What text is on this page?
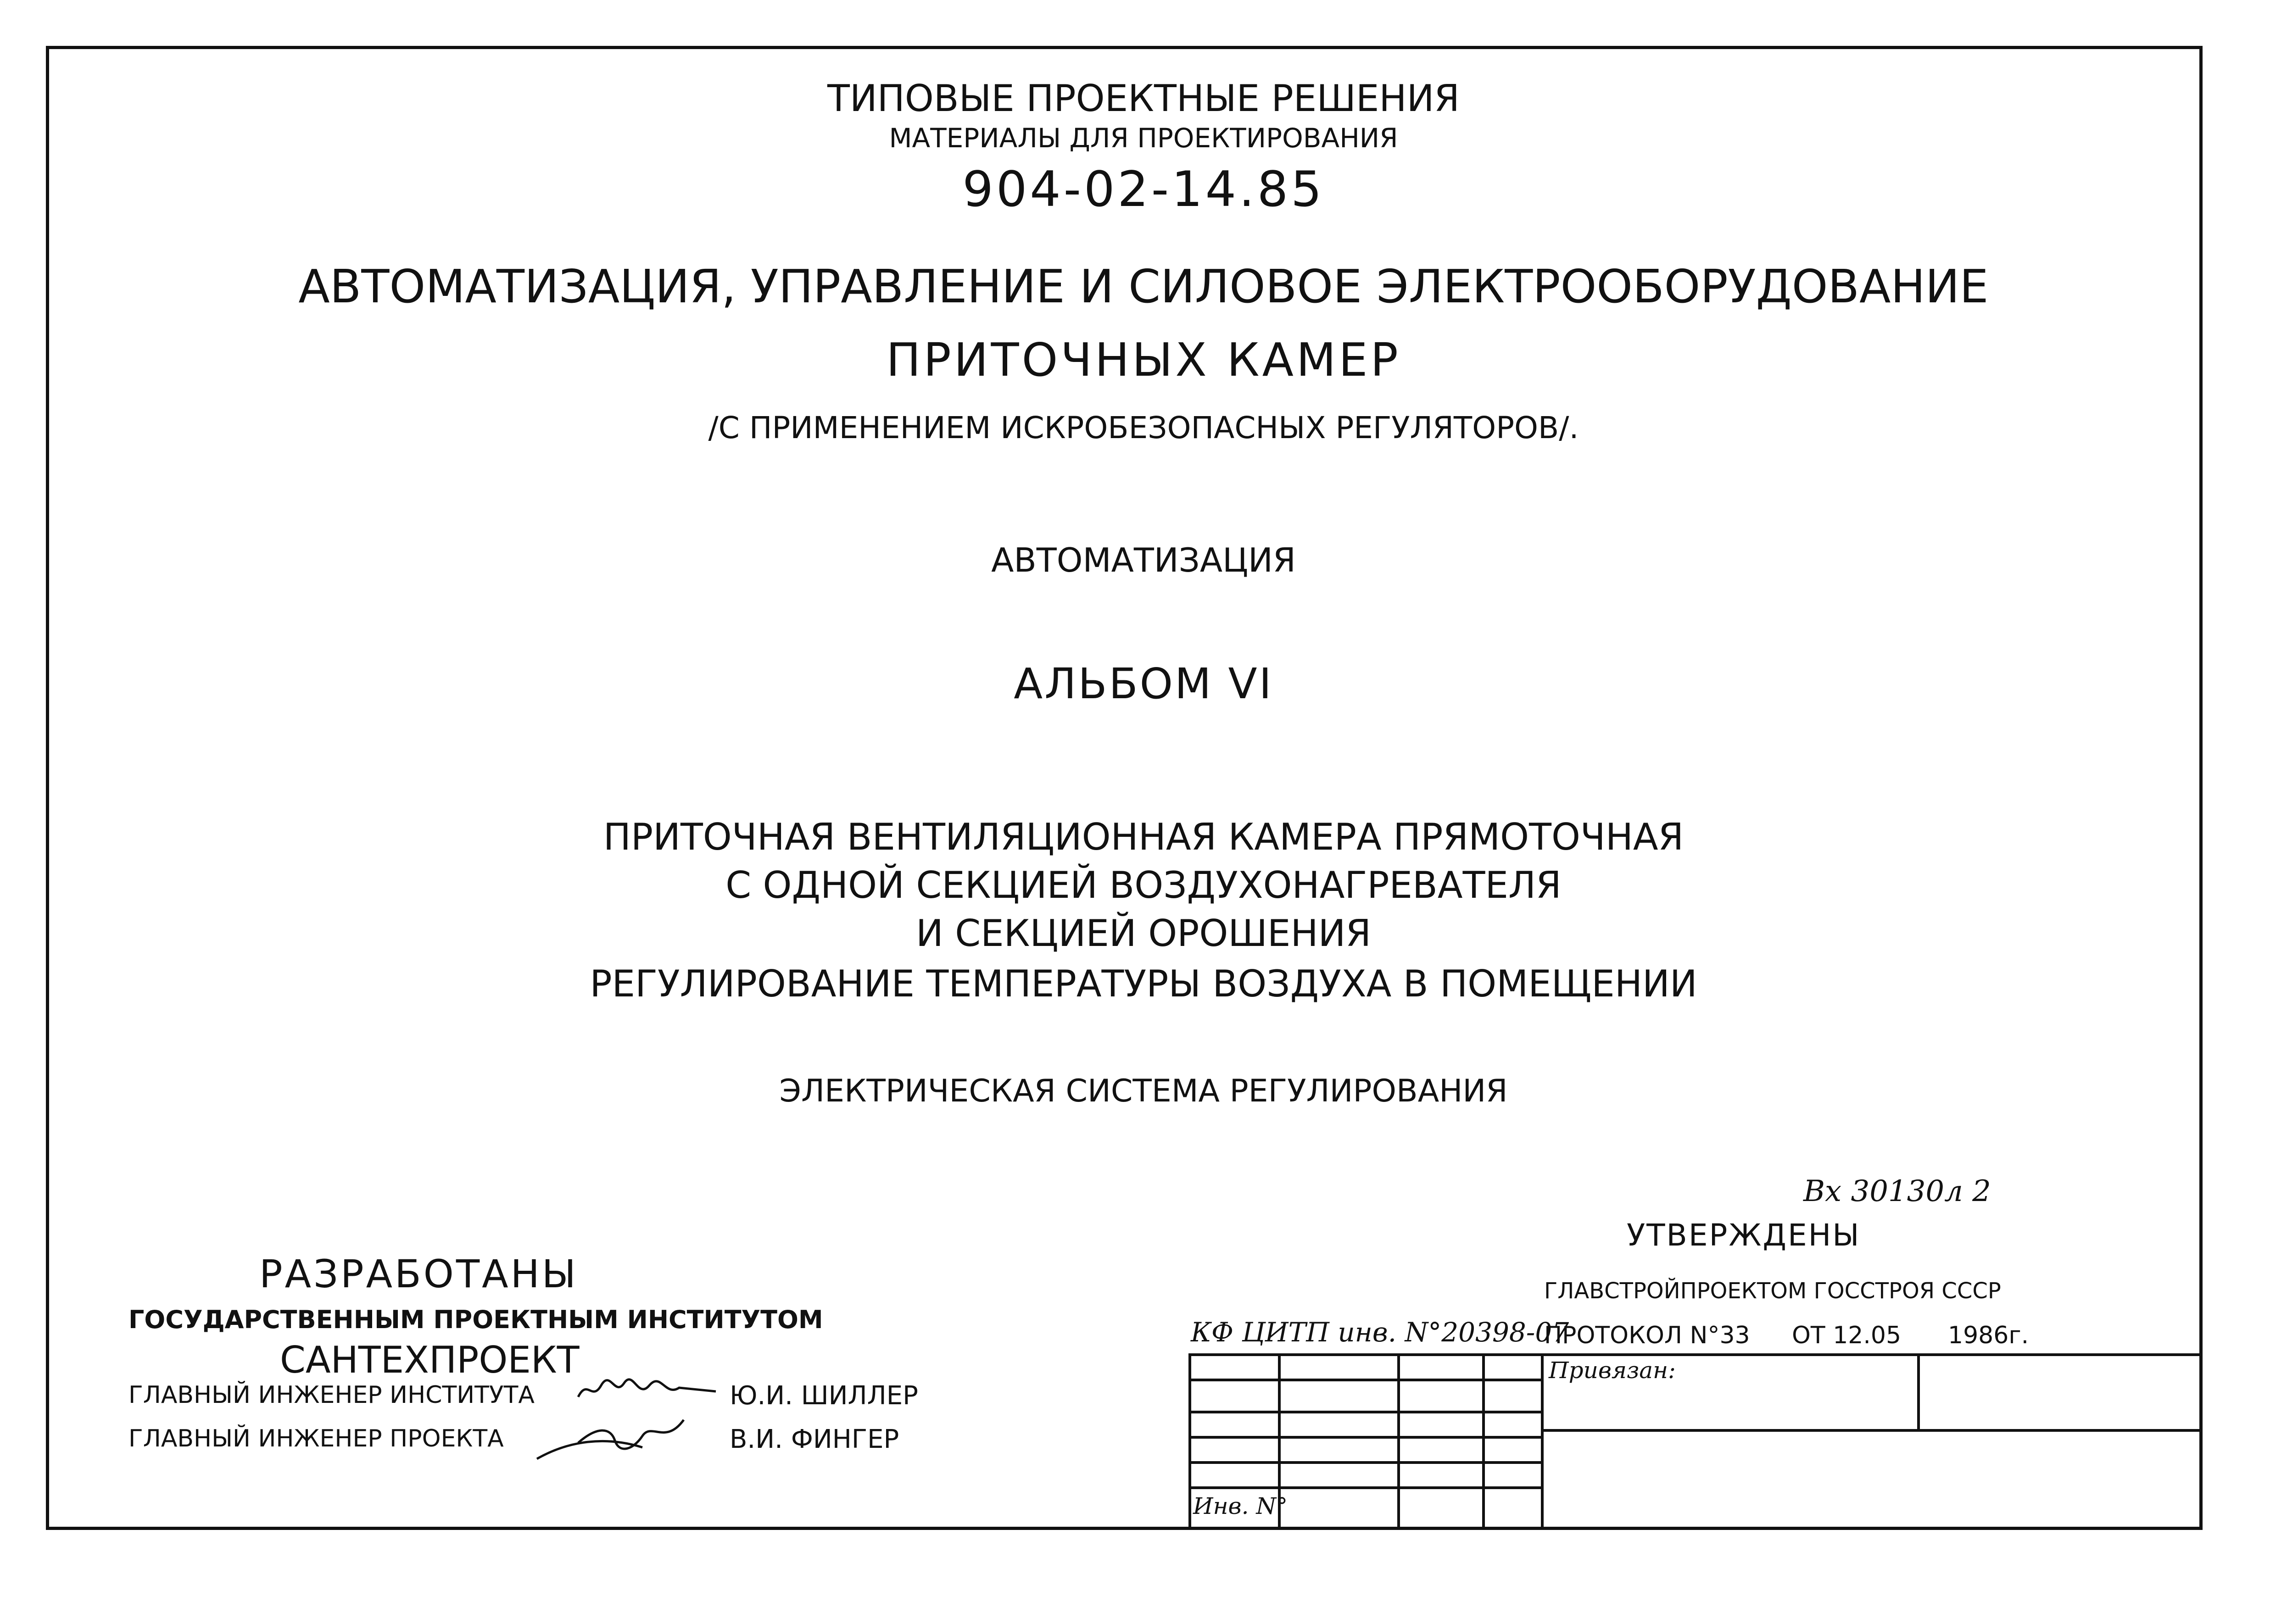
ТИПОВЫЕ ПРОЕКТНЫЕ РЕШЕНИЯ
МАТЕРИАЛЫ ДЛЯ ПРОЕКТИРОВАНИЯ
904-02-14.85
АВТОМАТИЗАЦИЯ, УПРАВЛЕНИЕ И СИЛОВОЕ ЭЛЕКТРООБОРУДОВАНИЕ
ПРИТОЧНЫХ КАМЕР
/С ПРИМЕНЕНИЕМ ИСКРОБЕЗОПАСНЫХ РЕГУЛЯТОРОВ/.
АВТОМАТИЗАЦИЯ
АЛЬБОМ VI
ПРИТОЧНАЯ ВЕНТИЛЯЦИОННАЯ КАМЕРА ПРЯМОТОЧНАЯ
С ОДНОЙ СЕКЦИЕЙ ВОЗДУХОНАГРЕВАТЕЛЯ
И СЕКЦИЕЙ ОРОШЕНИЯ
РЕГУЛИРОВАНИЕ ТЕМПЕРАТУРЫ ВОЗДУХА В ПОМЕЩЕНИИ
ЭЛЕКТРИЧЕСКАЯ СИСТЕМА РЕГУЛИРОВАНИЯ
РАЗРАБОТАНЫ
ГОСУДАРСТВЕННЫМ ПРОЕКТНЫМ ИНСТИТУТОМ
САНТЕХПРОЕКТ
ГЛАВНЫЙ ИНЖЕНЕР ИНСТИТУТА	Ю.И. ШИЛЛЕР
ГЛАВНЫЙ ИНЖЕНЕР ПРОЕКТА	В.И. ФИНГЕР
Вх 30130л 2
УТВЕРЖДЕНЫ
ГЛАВСТРОЙПРОЕКТОМ ГОССТРОЯ СССР
ПРОТОКОЛ N°33 ОТ 12.05 1986г.
КФ ЦИТП инв. N°20398-07
Привязан:
Инв. N°
